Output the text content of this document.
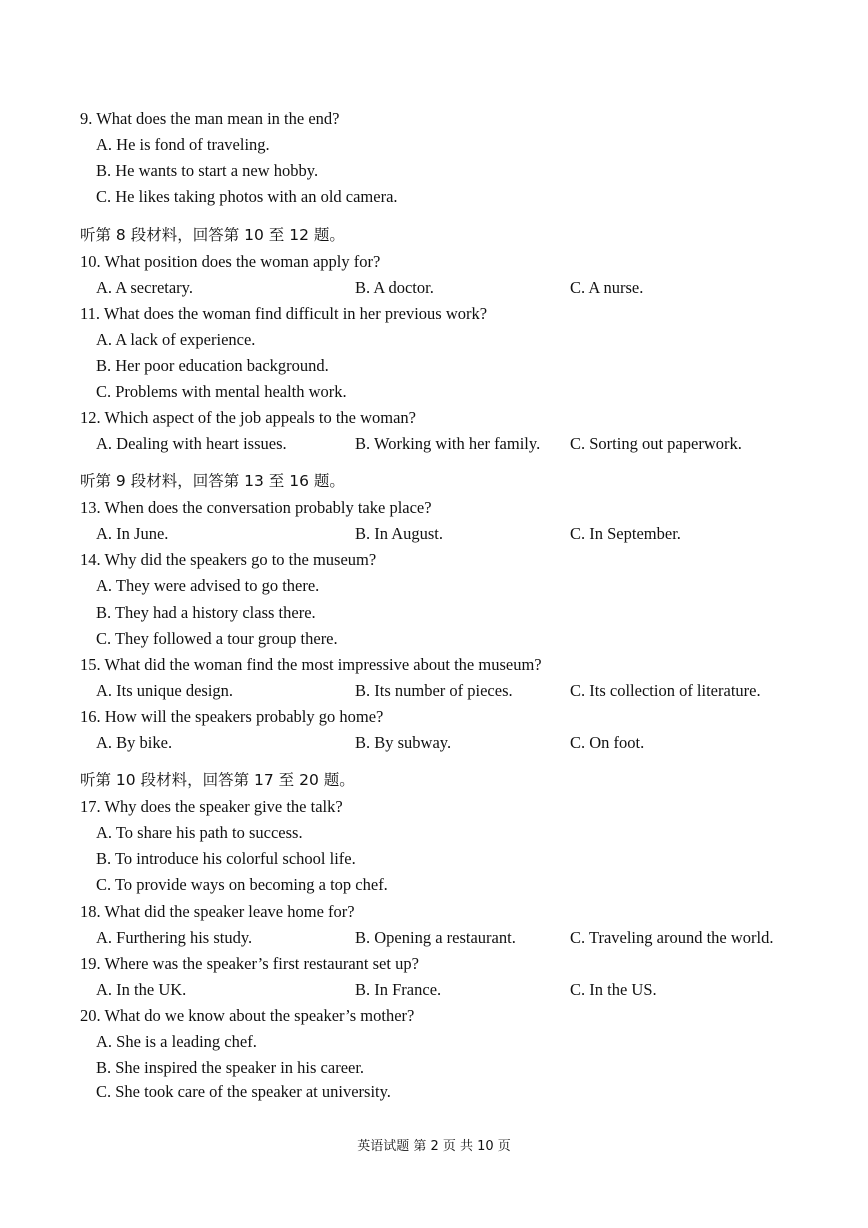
9. What does the man mean in the end?
A. He is fond of traveling.
B. He wants to start a new hobby.
C. He likes taking photos with an old camera.
听第 8 段材料，回答第 10 至 12 题。
10. What position does the woman apply for?
A. A secretary.	B. A doctor.	C. A nurse.
11. What does the woman find difficult in her previous work?
A. A lack of experience.
B. Her poor education background.
C. Problems with mental health work.
12. Which aspect of the job appeals to the woman?
A. Dealing with heart issues.	B. Working with her family. C. Sorting out paperwork.
听第 9 段材料，回答第 13 至 16 题。
13. When does the conversation probably take place?
A. In June.	B. In August.	C. In September.
14. Why did the speakers go to the museum?
A. They were advised to go there.
B. They had a history class there.
C. They followed a tour group there.
15. What did the woman find the most impressive about the museum?
A. Its unique design.	B. Its number of pieces.	C. Its collection of literature.
16. How will the speakers probably go home?
A. By bike.	B. By subway.	C. On foot.
听第 10 段材料，回答第 17 至 20 题。
17. Why does the speaker give the talk?
A. To share his path to success.
B. To introduce his colorful school life.
C. To provide ways on becoming a top chef.
18. What did the speaker leave home for?
A. Furthering his study.	B. Opening a restaurant.	C. Traveling around the world.
19. Where was the speaker’s first restaurant set up?
A. In the UK.	B. In France.	C. In the US.
20. What do we know about the speaker’s mother?
A. She is a leading chef.
B. She inspired the speaker in his career.
C. She took care of the speaker at university.
英语试题 第 2 页 共 10 页
